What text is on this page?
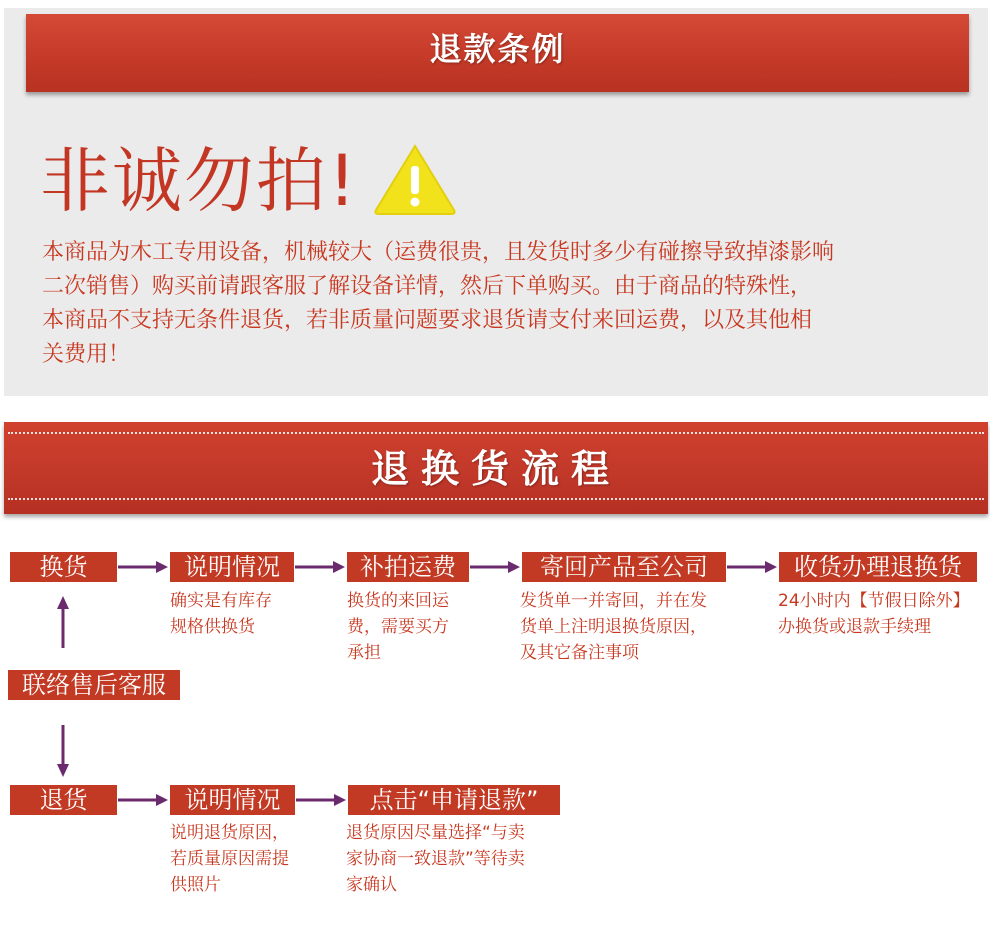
退款条例
非诚勿拍!
本商品为木工专用设备，机械较大（运费很贵，且发货时多少有碰擦导致掉漆影响
二次销售）购买前请跟客服了解设备详情，然后下单购买。由于商品的特殊性，
本商品不支持无条件退货，若非质量问题要求退货请支付来回运费，以及其他相
关费用！
退换货流程
换货	说明情况
确实是有库存
规格供换货
补拍运费
换货的来回运
费，需要买方
承担
寄回产品至公司
发货单一并寄回，并在发
货单上注明退换货原因，
及其它备注事项
收货办理退换货
24小时内【节假日除外】
办换货或退款手续理
联络售后客服
退货	说明情况
说明退货原因，
若质量原因需提
供照片
点击“申请退款”
退货原因尽量选择“与卖
家协商一致退款”等待卖
家确认
